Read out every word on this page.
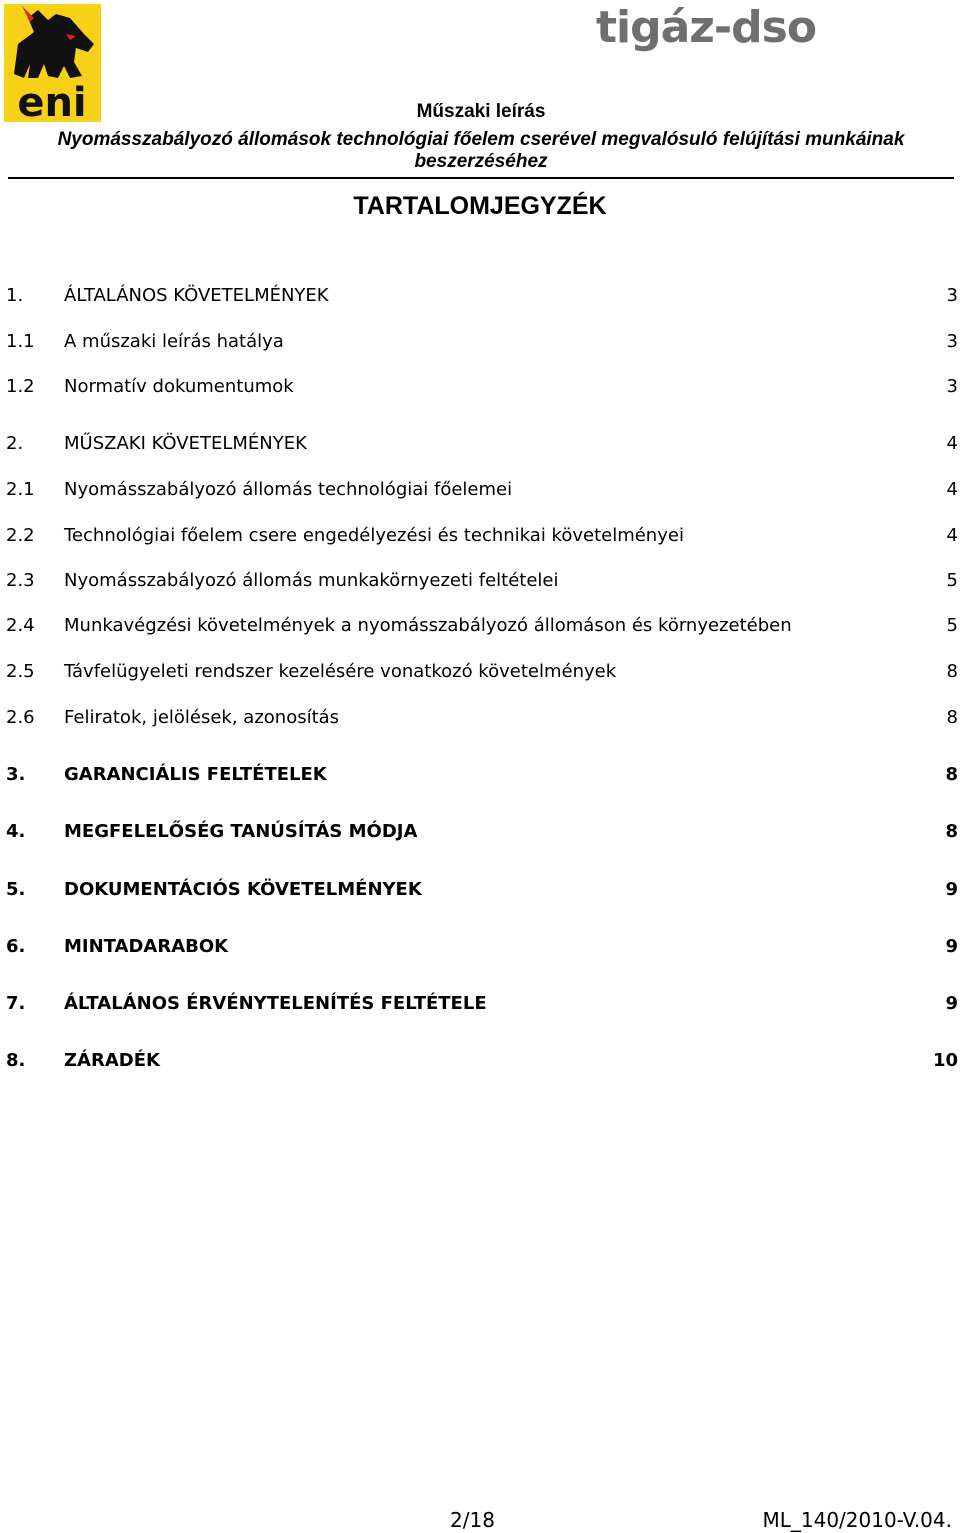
eni
tigáz-dso
Műszaki leírás
Nyomásszabályozó állomások technológiai főelem cserével megvalósuló felújítási munkáinak
beszerzéséhez
TARTALOMJEGYZÉK
1. ÁLTALÁNOS KÖVETELMÉNYEK	3
1.1 A műszaki leírás hatálya	3
1.2 Normatív dokumentumok	3
2. MŰSZAKI KÖVETELMÉNYEK	4
2.1 Nyomásszabályozó állomás technológiai főelemei	4
2.2 Technológiai főelem csere engedélyezési és technikai követelményei	4
2.3 Nyomásszabályozó állomás munkakörnyezeti feltételei	5
2.4 Munkavégzési követelmények a nyomásszabályozó állomáson és környezetében	5
2.5 Távfelügyeleti rendszer kezelésére vonatkozó követelmények	8
2.6 Feliratok, jelölések, azonosítás	8
3. GARANCIÁLIS FELTÉTELEK	8
4. MEGFELELŐSÉG TANÚSÍTÁS MÓDJA	8
5. DOKUMENTÁCIÓS KÖVETELMÉNYEK	9
6. MINTADARABOK	9
7. ÁLTALÁNOS ÉRVÉNYTELENÍTÉS FELTÉTELE	9
8. ZÁRADÉK	10
2/18	ML_140/2010-V.04.
